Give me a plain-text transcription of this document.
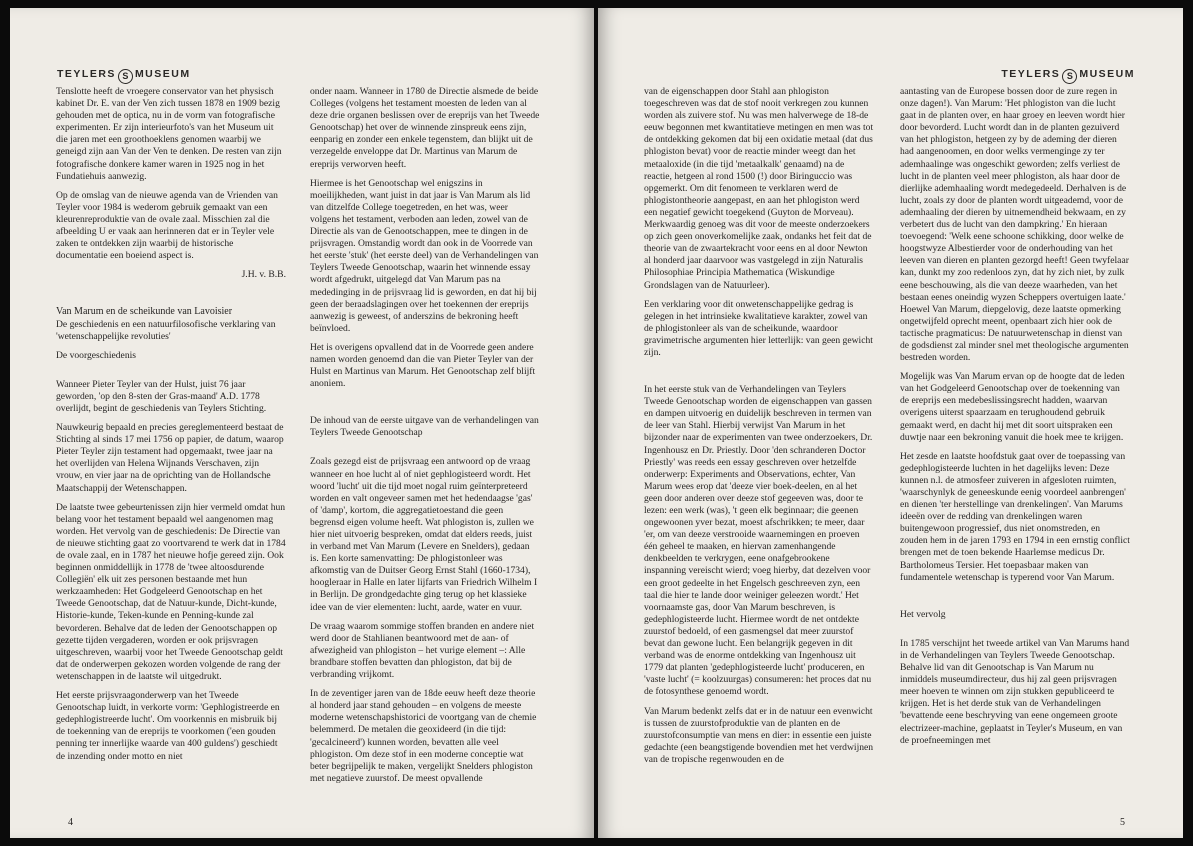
TEYLERS S MUSEUM

Tenslotte heeft de vroegere conservator van het physisch kabinet Dr. E. van der Ven zich tussen 1878 en 1909 bezig gehouden met de optica, nu in de vorm van fotografische experimenten. Er zijn interieurfoto's van het Museum uit die jaren met een groothoeklens genomen waarbij we geneigd zijn aan Van der Ven te denken. De resten van zijn fotografische donkere kamer waren in 1925 nog in het Fundatiehuis aanwezig.

Op de omslag van de nieuwe agenda van de Vrienden van Teyler voor 1984 is wederom gebruik gemaakt van een kleurenreproduktie van de ovale zaal. Misschien zal die afbeelding U er vaak aan herinneren dat er in Teyler vele zaken te ontdekken zijn waarbij de historische documentatie een boeiend aspect is.

J.H. v. B.B.

Van Marum en de scheikunde van Lavoisier

De geschiedenis en een natuurfilosofische verklaring van 'wetenschappelijke revoluties'

De voorgeschiedenis

Wanneer Pieter Teyler van der Hulst, juist 76 jaar geworden, 'op den 8-sten der Gras-maand' A.D. 1778 overlijdt, begint de geschiedenis van Teylers Stichting.

Nauwkeurig bepaald en precies gereglementeerd bestaat de Stichting al sinds 17 mei 1756 op papier, de datum, waarop Pieter Teyler zijn testament had opgemaakt, twee jaar na het overlijden van Helena Wijnands Verschaven, zijn vrouw, en vier jaar na de oprichting van de Hollandsche Maatschappij der Wetenschappen.

De laatste twee gebeurtenissen zijn hier vermeld omdat hun belang voor het testament bepaald wel aangenomen mag worden. Het vervolg van de geschiedenis: De Directie van de nieuwe stichting gaat zo voortvarend te werk dat in 1784 de ovale zaal, en in 1787 het nieuwe hofje gereed zijn. Ook beginnen onmiddellijk in 1778 de 'twee altoosdurende Collegiën' elk uit zes personen bestaande met hun werkzaamheden: Het Godgeleerd Genootschap en het Tweede Genootschap, dat de Natuur-kunde, Dicht-kunde, Historie-kunde, Teken-kunde en Penning-kunde zal bevorderen. Behalve dat de leden der Genootschappen op gezette tijden vergaderen, worden er ook prijsvragen uitgeschreven, waarbij voor het Tweede Genootschap geldt dat de onderwerpen gekozen worden volgende de rang der wetenschappen in de laatste wil uitgedrukt.

Het eerste prijsvraagonderwerp van het Tweede Genootschap luidt, in verkorte vorm: 'Gephlogistreerde en gedephlogistreerde lucht'. Om voorkennis en misbruik bij de toekenning van de ereprijs te voorkomen ('een gouden penning ter innerlijke waarde van 400 guldens') geschiedt de inzending onder motto en niet

onder naam. Wanneer in 1780 de Directie alsmede de beide Colleges (volgens het testament moesten de leden van al deze drie organen beslissen over de ereprijs van het Tweede Genootschap) het over de winnende zinspreuk eens zijn, eenparig en zonder een enkele tegenstem, dan blijkt uit de verzegelde enveloppe dat Dr. Martinus van Marum de ereprijs verworven heeft.

Hiermee is het Genootschap wel enigszins in moeilijkheden, want juist in dat jaar is Van Marum als lid van ditzelfde College toegetreden, en het was, weer volgens het testament, verboden aan leden, zowel van de Directie als van de Genootschappen, mee te dingen in de prijsvragen. Omstandig wordt dan ook in de Voorrede van het eerste 'stuk' (het eerste deel) van de Verhandelingen van Teylers Tweede Genootschap, waarin het winnende essay wordt afgedrukt, uitgelegd dat Van Marum pas na mededinging in de prijsvraag lid is geworden, en dat hij bij geen der beraadslagingen over het toekennen der ereprijs aanwezig is geweest, of anderszins de bekroning heeft beïnvloed.

Het is overigens opvallend dat in de Voorrede geen andere namen worden genoemd dan die van Pieter Teyler van der Hulst en Martinus van Marum. Het Genootschap zelf blijft anoniem.

De inhoud van de eerste uitgave van de verhandelingen van Teylers Tweede Genootschap

Zoals gezegd eist de prijsvraag een antwoord op de vraag wanneer en hoe lucht al of niet gephlogisteerd wordt. Het woord 'lucht' uit die tijd moet nogal ruim geïnterpreteerd worden en valt ongeveer samen met het hedendaagse 'gas' of 'damp', kortom, die aggregatietoestand die geen begrensd eigen volume heeft. Wat phlogiston is, zullen we hier niet uitvoerig bespreken, omdat dat elders reeds, juist in verband met Van Marum (Levere en Snelders), gedaan is. Een korte samenvatting: De phlogistonleer was afkomstig van de Duitser Georg Ernst Stahl (1660-1734), hoogleraar in Halle en later lijfarts van Friedrich Wilhelm I in Berlijn. De grondgedachte ging terug op het klassieke idee van de vier elementen: lucht, aarde, water en vuur.

De vraag waarom sommige stoffen branden en andere niet werd door de Stahlianen beantwoord met de aan- of afwezigheid van phlogiston – het vurige element –: Alle brandbare stoffen bevatten dan phlogiston, dat bij de verbranding vrijkomt.

In de zeventiger jaren van de 18de eeuw heeft deze theorie al honderd jaar stand gehouden – en volgens de meeste moderne wetenschapshistorici de voortgang van de chemie belemmerd. De metalen die geoxideerd (in die tijd: 'gecalcineerd') kunnen worden, bevatten alle veel phlogiston. Om deze stof in een moderne conceptie wat beter begrijpelijk te maken, vergelijkt Snelders phlogiston met negatieve zuurstof. De meest opvallende

4
TEYLERS S MUSEUM

van de eigenschappen door Stahl aan phlogiston toegeschreven was dat de stof nooit verkregen zou kunnen worden als zuivere stof. Nu was men halverwege de 18-de eeuw begonnen met kwantitatieve metingen en men was tot de ontdekking gekomen dat bij een oxidatie metaal (dat dus phlogiston bevat) voor de reactie minder weegt dan het metaaloxide (in die tijd 'metaalkalk' genaamd) na de reactie, hetgeen al rond 1500 (!) door Biringuccio was opgemerkt. Om dit fenomeen te verklaren werd de phlogistontheorie aangepast, en aan het phlogiston werd een negatief gewicht toegekend (Guyton de Morveau). Merkwaardig genoeg was dit voor de meeste onderzoekers op zich geen onoverkomelijke zaak, ondanks het feit dat de theorie van de zwaartekracht voor eens en al door Newton al honderd jaar daarvoor was vastgelegd in zijn Naturalis Philosophiae Principia Mathematica (Wiskundige Grondslagen van de Natuurleer).

Een verklaring voor dit onwetenschappelijke gedrag is gelegen in het intrinsieke kwalitatieve karakter, zowel van de phlogistonleer als van de scheikunde, waardoor gravimetrische argumenten hier letterlijk: van geen gewicht zijn.

In het eerste stuk van de Verhandelingen van Teylers Tweede Genootschap worden de eigenschappen van gassen en dampen uitvoerig en duidelijk beschreven in termen van de leer van Stahl. Hierbij verwijst Van Marum in het bijzonder naar de experimenten van twee onderzoekers, Dr. Ingenhousz en Dr. Priestly. Door 'den schranderen Doctor Priestly' was reeds een essay geschreven over hetzelfde onderwerp: Experiments and Observations, echter, Van Marum wees erop dat 'deeze vier boek-deelen, en al het geen door anderen over deeze stof gegeeven was, door te lezen: een werk (was), 't geen elk beginnaar; die geenen ongewoonen yver bezat, moest afschrikken; te meer, daar 'er, om van deeze verstrooide waarnemingen en proeven één geheel te maaken, en hiervan zamenhangende denkbeelden te verkrygen, eene onafgebrookene inspanning vereischt wierd; voeg hierby, dat dezelven voor een groot gedeelte in het Engelsch geschreeven zyn, een taal die hier te lande door weiniger geleezen wordt.' Het voornaamste gas, door Van Marum beschreven, is gedephlogisteerde lucht. Hiermee wordt de net ontdekte zuurstof bedoeld, of een gasmengsel dat meer zuurstof bevat dan gewone lucht. Een belangrijk gegeven in dit verband was de enorme ontdekking van Ingenhousz uit 1779 dat planten 'gedephlogisteerde lucht' produceren, en 'vaste lucht' (= koolzuurgas) consumeren: het proces dat nu de fotosynthese genoemd wordt.

Van Marum bedenkt zelfs dat er in de natuur een evenwicht is tussen de zuurstofproduktie van de planten en de zuurstofconsumptie van mens en dier: in essentie een juiste gedachte (een beangstigende bovendien met het verdwijnen van de tropische regenwouden en de

aantasting van de Europese bossen door de zure regen in onze dagen!). Van Marum: 'Het phlogiston van die lucht gaat in de planten over, en haar groey en leeven wordt hier door bevorderd. Lucht wordt dan in de planten gezuiverd van het phlogiston, hetgeen zy by de ademing der dieren had aangenoomen, en door welks vermenginge zy ter ademhaalinge was ongeschikt geworden; zelfs verliest de lucht in de planten veel meer phlogiston, als haar door de dierlijke ademhaaling wordt medegedeeld. Derhalven is de lucht, zoals zy door de planten wordt uitgeademd, voor de ademhaaling der dieren by uitnemendheid bekwaam, en zy verbetert dus de lucht van den dampkring.' En hieraan toevoegend: 'Welk eene schoone schikking, door welke de hoogstwyze Albestierder voor de onderhouding van het leeven van dieren en planten gezorgd heeft! Geen twyfelaar kan, dunkt my zoo redenloos zyn, dat hy zich niet, by zulk eene beschouwing, als die van deeze waarheden, van het bestaan eenes oneindig wyzen Scheppers overtuigen laate.' Hoewel Van Marum, diepgelovig, deze laatste opmerking ongetwijfeld oprecht meent, openbaart zich hier ook de tactische pragmaticus: De natuurwetenschap in dienst van de godsdienst zal minder snel met theologische argumenten bestreden worden.

Mogelijk was Van Marum ervan op de hoogte dat de leden van het Godgeleerd Genootschap over de toekenning van de ereprijs een medebeslissingsrecht hadden, waarvan overigens uiterst spaarzaam en terughoudend gebruik gemaakt werd, en dacht hij met dit soort uitspraken een duwtje naar een bekroning vanuit die hoek mee te krijgen.

Het zesde en laatste hoofdstuk gaat over de toepassing van gedephlogisteerde luchten in het dagelijks leven: Deze kunnen n.l. de atmosfeer zuiveren in afgesloten ruimten, 'waarschynlyk de geneeskunde eenig voordeel aanbrengen' en dienen 'ter herstellinge van drenkelingen'. Van Marums ideeën over de redding van drenkelingen waren buitengewoon progressief, dus niet onomstreden, en zouden hem in de jaren 1793 en 1794 in een ernstig conflict brengen met de toen bekende Haarlemse medicus Dr. Bartholomeus Tersier. Het toepasbaar maken van fundamentele wetenschap is typerend voor Van Marum.

Het vervolg

In 1785 verschijnt het tweede artikel van Van Marums hand in de Verhandelingen van Teylers Tweede Genootschap. Behalve lid van dit Genootschap is Van Marum nu inmiddels museumdirecteur, dus hij zal geen prijsvragen meer hoeven te winnen om zijn stukken gepubliceerd te krijgen. Het is het derde stuk van de Verhandelingen 'bevattende eene beschryving van eene ongemeen groote electrizeer-machine, geplaatst in Teyler's Museum, en van de proefneemingen met

5
